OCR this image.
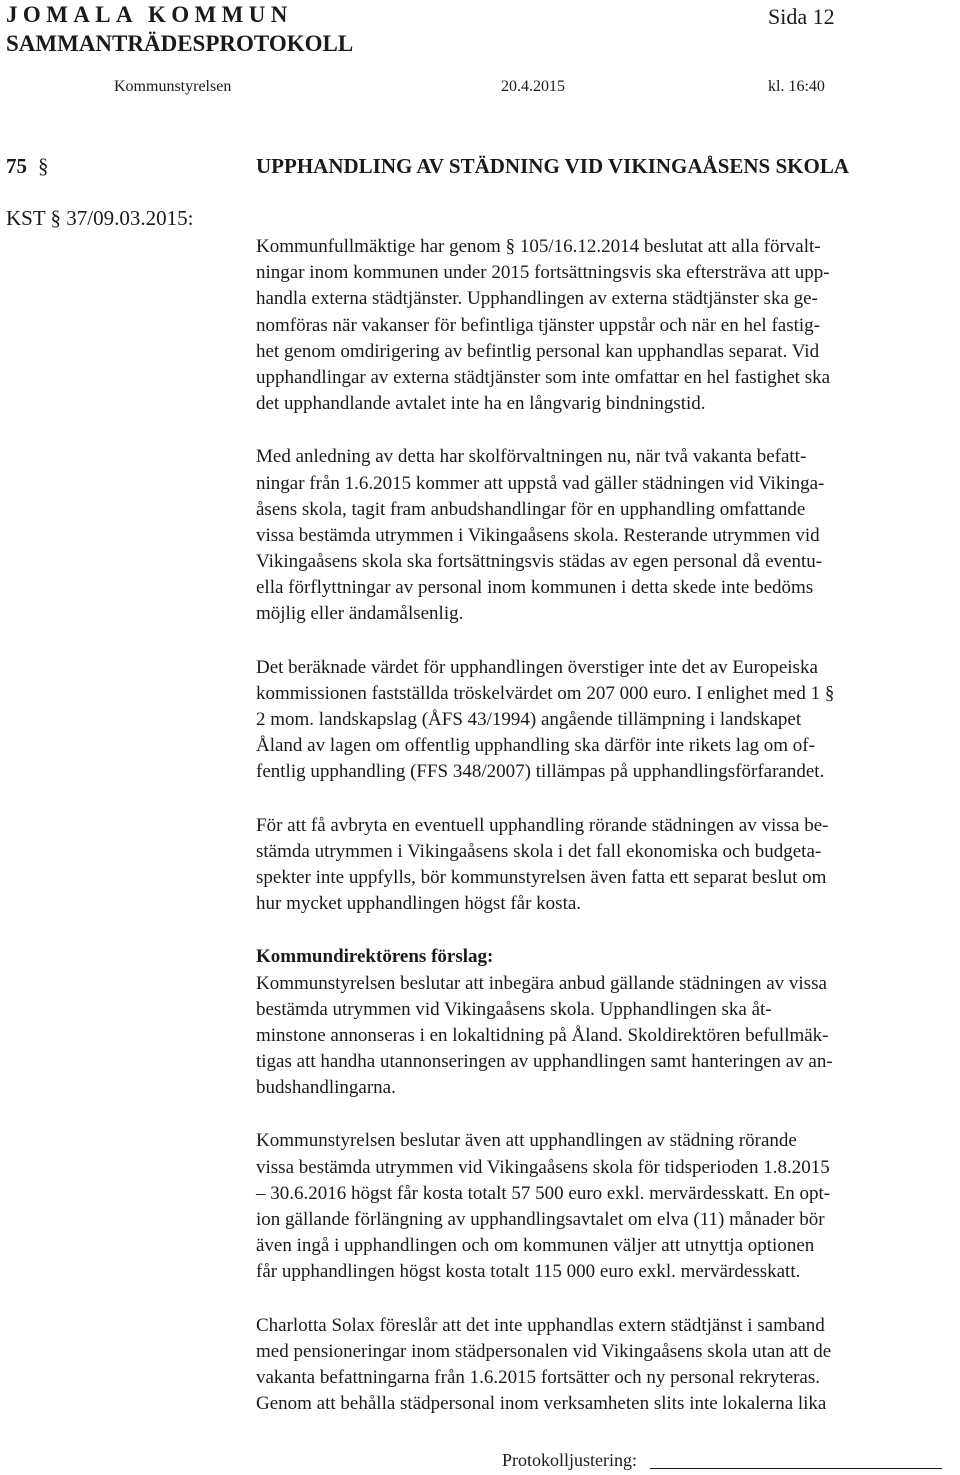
JOMALA KOMMUN
SAMMANTRÄDESPROTOKOLL
Sida 12
Kommunstyrelsen	20.4.2015	kl. 16:40
75 §	UPPHANDLING AV STÄDNING VID VIKINGAÅSENS SKOLA
KST § 37/09.03.2015:
Kommunfullmäktige har genom § 105/16.12.2014 beslutat att alla förvalt-
ningar inom kommunen under 2015 fortsättningsvis ska eftersträva att upp-
handla externa städtjänster. Upphandlingen av externa städtjänster ska ge-
nomföras när vakanser för befintliga tjänster uppstår och när en hel fastig-
het genom omdirigering av befintlig personal kan upphandlas separat. Vid
upphandlingar av externa städtjänster som inte omfattar en hel fastighet ska
det upphandlande avtalet inte ha en långvarig bindningstid.
Med anledning av detta har skolförvaltningen nu, när två vakanta befatt-
ningar från 1.6.2015 kommer att uppstå vad gäller städningen vid Vikinga-
åsens skola, tagit fram anbudshandlingar för en upphandling omfattande
vissa bestämda utrymmen i Vikingaåsens skola. Resterande utrymmen vid
Vikingaåsens skola ska fortsättningsvis städas av egen personal då eventu-
ella förflyttningar av personal inom kommunen i detta skede inte bedöms
möjlig eller ändamålsenlig.
Det beräknade värdet för upphandlingen överstiger inte det av Europeiska
kommissionen fastställda tröskelvärdet om 207 000 euro. I enlighet med 1 §
2 mom. landskapslag (ÅFS 43/1994) angående tillämpning i landskapet
Åland av lagen om offentlig upphandling ska därför inte rikets lag om of-
fentlig upphandling (FFS 348/2007) tillämpas på upphandlingsförfarandet.
För att få avbryta en eventuell upphandling rörande städningen av vissa be-
stämda utrymmen i Vikingaåsens skola i det fall ekonomiska och budgeta-
spekter inte uppfylls, bör kommunstyrelsen även fatta ett separat beslut om
hur mycket upphandlingen högst får kosta.
Kommundirektörens förslag:
Kommunstyrelsen beslutar att inbegära anbud gällande städningen av vissa
bestämda utrymmen vid Vikingaåsens skola. Upphandlingen ska åt-
minstone annonseras i en lokaltidning på Åland. Skoldirektören befullmäk-
tigas att handha utannonseringen av upphandlingen samt hanteringen av an-
budshandlingarna.
Kommunstyrelsen beslutar även att upphandlingen av städning rörande
vissa bestämda utrymmen vid Vikingaåsens skola för tidsperioden 1.8.2015
– 30.6.2016 högst får kosta totalt 57 500 euro exkl. mervärdesskatt. En opt-
ion gällande förlängning av upphandlingsavtalet om elva (11) månader bör
även ingå i upphandlingen och om kommunen väljer att utnyttja optionen
får upphandlingen högst kosta totalt 115 000 euro exkl. mervärdesskatt.
Charlotta Solax föreslår att det inte upphandlas extern städtjänst i samband
med pensioneringar inom städpersonalen vid Vikingaåsens skola utan att de
vakanta befattningarna från 1.6.2015 fortsätter och ny personal rekryteras.
Genom att behålla städpersonal inom verksamheten slits inte lokalerna lika
Protokolljustering:
